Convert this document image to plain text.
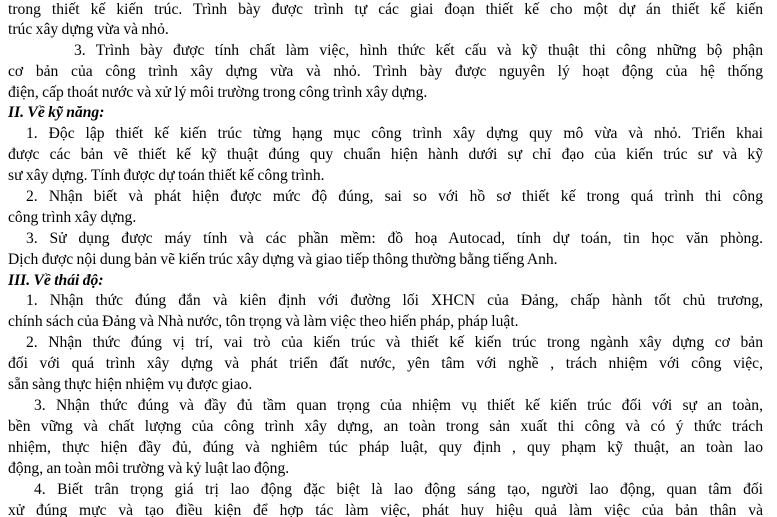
trong thiết kế kiến trúc. Trình bày được trình tự các giai đoạn thiết kế cho một dự án thiết kế kiến
trúc xây dựng vừa và nhỏ.
3. Trình bày được tính chất làm việc, hình thức kết cấu và kỹ thuật thi công những bộ phận
cơ bản của công trình xây dựng vừa và nhỏ. Trình bày được nguyên lý hoạt động của hệ thống
điện, cấp thoát nước và xử lý môi trường trong công trình xây dựng.
II. Về kỹ năng:
1. Độc lập thiết kế kiến trúc từng hạng mục công trình xây dựng quy mô vừa và nhỏ. Triển khai
được các bản vẽ thiết kế kỹ thuật đúng quy chuẩn hiện hành dưới sự chỉ đạo của kiến trúc sư và kỹ
sư xây dựng. Tính được dự toán thiết kế công trình.
2. Nhận biết và phát hiện được mức độ đúng, sai so với hồ sơ thiết kế trong quá trình thi công
công trình xây dựng.
3. Sử dụng được máy tính và các phần mềm: đồ hoạ Autocad, tính dự toán, tin học văn phòng.
Dịch được nội dung bản vẽ kiến trúc xây dựng và giao tiếp thông thường bằng tiếng Anh.
III. Về thái độ:
1. Nhận thức đúng đắn và kiên định với đường lối XHCN của Đảng, chấp hành tốt chủ trương,
chính sách của Đảng và Nhà nước, tôn trọng và làm việc theo hiến pháp, pháp luật.
2. Nhận thức đúng vị trí, vai trò của kiến trúc và thiết kế kiến trúc trong ngành xây dựng cơ bản
đối với quá trình xây dựng và phát triển đất nước, yên tâm với nghề , trách nhiệm với công việc,
sẵn sàng thực hiện nhiệm vụ được giao.
3. Nhận thức đúng và đầy đủ tầm quan trọng của nhiệm vụ thiết kế kiến trúc đối với sự an toàn,
bền vững và chất lượng của công trình xây dựng, an toàn trong sản xuất thi công và có ý thức trách
nhiệm, thực hiện đầy đủ, đúng và nghiêm túc pháp luật, quy định , quy phạm kỹ thuật, an toàn lao
động, an toàn môi trường và kỷ luật lao động.
4. Biết trân trọng giá trị lao động đặc biệt là lao động sáng tạo, người lao động, quan tâm đối
xử đúng mực và tạo điều kiện để hợp tác làm việc, phát huy hiệu quả làm việc của bản thân và
